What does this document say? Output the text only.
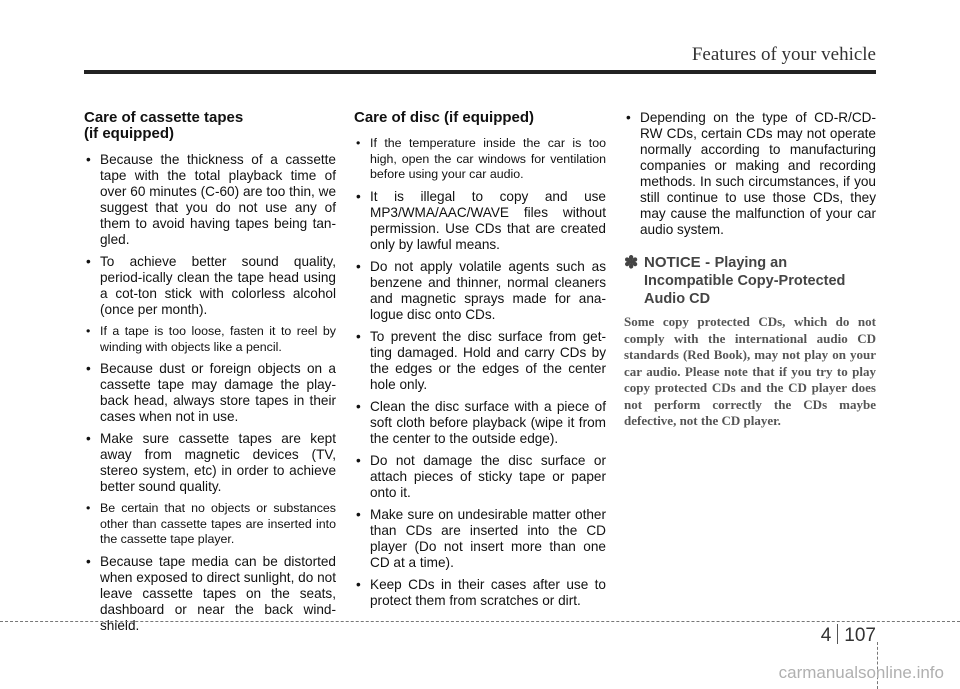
Features of your vehicle
Care of cassette tapes
(if equipped)
• Because the thickness of a cassette tape with the total playback time of over 60 minutes (C-60) are too thin, we suggest that you do not use any of them to avoid having tapes being tan-gled.
• To achieve better sound quality, period-ically clean the tape head using a cot-ton stick with colorless alcohol (once per month).
• If a tape is too loose, fasten it to reel by winding with objects like a pencil.
• Because dust or foreign objects on a cassette tape may damage the play-back head, always store tapes in their cases when not in use.
• Make sure cassette tapes are kept away from magnetic devices (TV, stereo system, etc) in order to achieve better sound quality.
• Be certain that no objects or substances other than cassette tapes are inserted into the cassette tape player.
• Because tape media can be distorted when exposed to direct sunlight, do not leave cassette tapes on the seats, dashboard or near the back wind-shield.
Care of disc (if equipped)
• If the temperature inside the car is too high, open the car windows for ventilation before using your car audio.
• It is illegal to copy and use MP3/WMA/AAC/WAVE files without permission. Use CDs that are created only by lawful means.
• Do not apply volatile agents such as benzene and thinner, normal cleaners and magnetic sprays made for ana-logue disc onto CDs.
• To prevent the disc surface from get-ting damaged. Hold and carry CDs by the edges or the edges of the center hole only.
• Clean the disc surface with a piece of soft cloth before playback (wipe it from the center to the outside edge).
• Do not damage the disc surface or attach pieces of sticky tape or paper onto it.
• Make sure on undesirable matter other than CDs are inserted into the CD player (Do not insert more than one CD at a time).
• Keep CDs in their cases after use to protect them from scratches or dirt.
• Depending on the type of CD-R/CD-RW CDs, certain CDs may not operate normally according to manufacturing companies or making and recording methods. In such circumstances, if you still continue to use those CDs, they may cause the malfunction of your car audio system.
✽ NOTICE - Playing an Incompatible Copy-Protected Audio CD
Some copy protected CDs, which do not comply with the international audio CD standards (Red Book), may not play on your car audio. Please note that if you try to play copy protected CDs and the CD player does not perform correctly the CDs maybe defective, not the CD player.
4 107
carmanualsonline.info
